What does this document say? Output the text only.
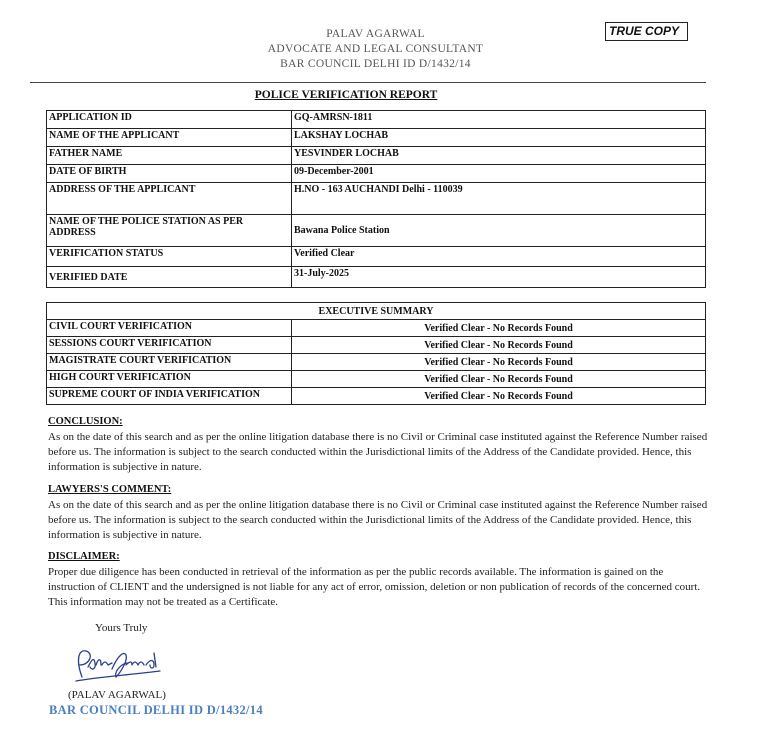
TRUE COPY
PALAV AGARWAL
ADVOCATE AND LEGAL CONSULTANT
BAR COUNCIL DELHI ID D/1432/14
POLICE VERIFICATION REPORT
APPLICATION ID	GQ-AMRSN-1811
NAME OF THE APPLICANT	LAKSHAY LOCHAB
FATHER NAME	YESVINDER LOCHAB
DATE OF BIRTH	09-December-2001
ADDRESS OF THE APPLICANT	H.NO - 163 AUCHANDI Delhi - 110039
NAME OF THE POLICE STATION AS PER ADDRESS	Bawana Police Station
VERIFICATION STATUS	Verified Clear
VERIFIED DATE	31-July-2025
EXECUTIVE SUMMARY	
CIVIL COURT VERIFICATION	Verified Clear - No Records Found
SESSIONS COURT VERIFICATION	Verified Clear - No Records Found
MAGISTRATE COURT VERIFICATION	Verified Clear - No Records Found
HIGH COURT VERIFICATION	Verified Clear - No Records Found
SUPREME COURT OF INDIA VERIFICATION	Verified Clear - No Records Found
CONCLUSION:

As on the date of this search and as per the online litigation database there is no Civil or Criminal case instituted against the Reference Number raised before us. The information is subject to the search conducted within the Jurisdictional limits of the Address of the Candidate provided. Hence, this information is subjective in nature.

LAWYERS'S COMMENT:

As on the date of this search and as per the online litigation database there is no Civil or Criminal case instituted against the Reference Number raised before us. The information is subject to the search conducted within the Jurisdictional limits of the Address of the Candidate provided. Hence, this information is subjective in nature.

DISCLAIMER:

Proper due diligence has been conducted in retrieval of the information as per the public records available. The information is gained on the instruction of CLIENT and the undersigned is not liable for any act of error, omission, deletion or non publication of records of the concerned court. This information may not be treated as a Certificate.

Yours Truly
(PALAV AGARWAL)
BAR COUNCIL DELHI ID D/1432/14
